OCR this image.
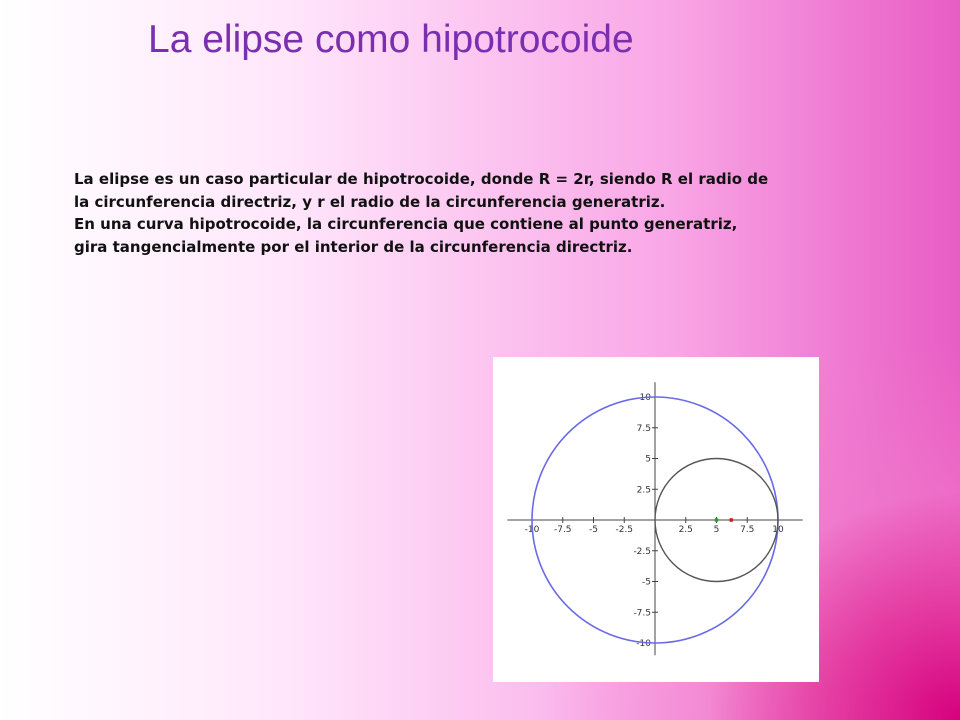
La elipse como hipotrocoide

La elipse es un caso particular de hipotrocoide, donde R = 2r, siendo R el radio de la circunferencia directriz, y r el radio de la circunferencia generatriz.

En una curva hipotrocoide, la circunferencia que contiene al punto generatriz, gira tangencialmente por el interior de la circunferencia directriz.

-10 -7.5 -5 -2.5	2.5 5 7.5 10
10
7.5
5
2.5
-2.5
-5
-7.5
-10
